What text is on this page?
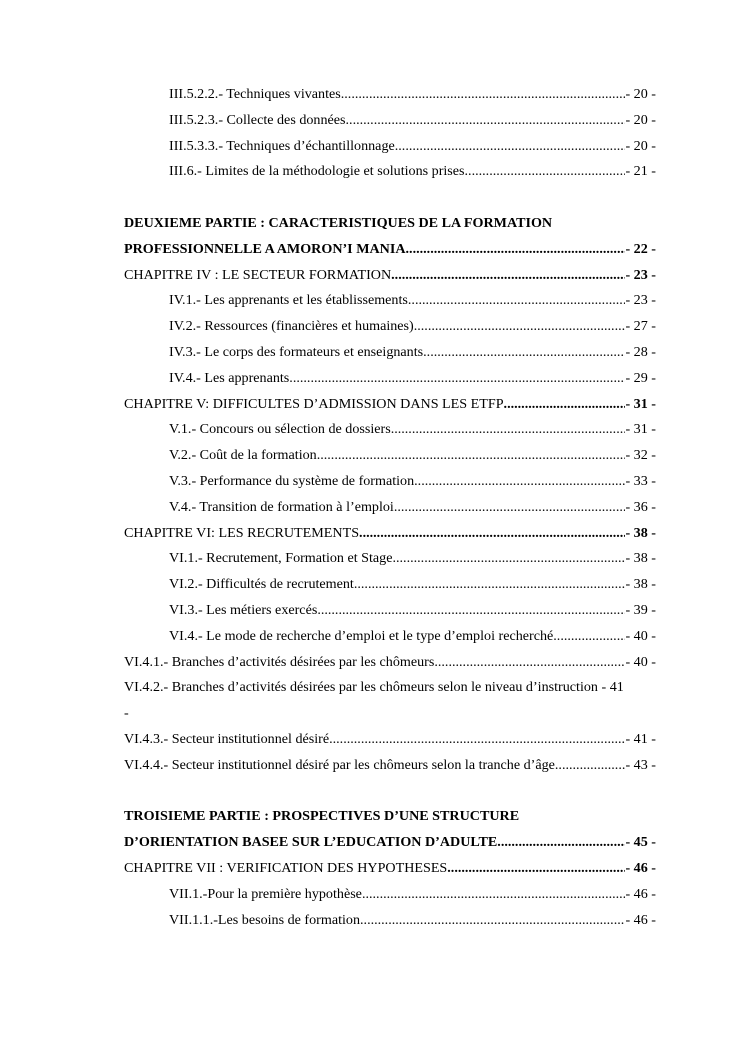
III.5.2.2.- Techniques vivantes .....	- 20 -
III.5.2.3.- Collecte des données .....	- 20 -
III.5.3.3.- Techniques d’échantillonnage .....	- 20 -
III.6.- Limites de la méthodologie et solutions prises .....	- 21 -
DEUXIEME PARTIE : CARACTERISTIQUES DE LA FORMATION
PROFESSIONNELLE A AMORON’I MANIA .....	- 22 -
CHAPITRE IV : LE SECTEUR FORMATION .....	- 23 -
IV.1.- Les apprenants et les établissements .....	- 23 -
IV.2.- Ressources (financières et humaines) .....	- 27 -
IV.3.- Le corps des formateurs et enseignants .....	- 28 -
IV.4.- Les apprenants .....	- 29 -
CHAPITRE V: DIFFICULTES D’ADMISSION DANS LES ETFP .....	- 31 -
V.1.- Concours ou sélection de dossiers .....	- 31 -
V.2.- Coût de la formation .....	- 32 -
V.3.- Performance du système de formation .....	- 33 -
V.4.- Transition de formation à l’emploi .....	- 36 -
CHAPITRE VI: LES RECRUTEMENTS .....	- 38 -
VI.1.- Recrutement, Formation et Stage .....	- 38 -
VI.2.- Difficultés de recrutement .....	- 38 -
VI.3.- Les métiers exercés .....	- 39 -
VI.4.- Le mode de recherche d’emploi et le type d’emploi recherché .....	- 40 -
VI.4.1.- Branches d’activités désirées par les chômeurs .....	- 40 -
VI.4.2.- Branches d’activités désirées par les chômeurs selon le niveau d’instruction - 41
-
VI.4.3.- Secteur institutionnel désiré .....	- 41 -
VI.4.4.- Secteur institutionnel désiré par les chômeurs selon la tranche d’âge .....	- 43 -
TROISIEME PARTIE : PROSPECTIVES D’UNE STRUCTURE
D’ORIENTATION BASEE SUR L’EDUCATION D’ADULTE .....	- 45 -
CHAPITRE VII : VERIFICATION DES HYPOTHESES .....	- 46 -
VII.1.-Pour la première hypothèse. .....	- 46 -
VII.1.1.-Les besoins de formation .....	- 46 -
